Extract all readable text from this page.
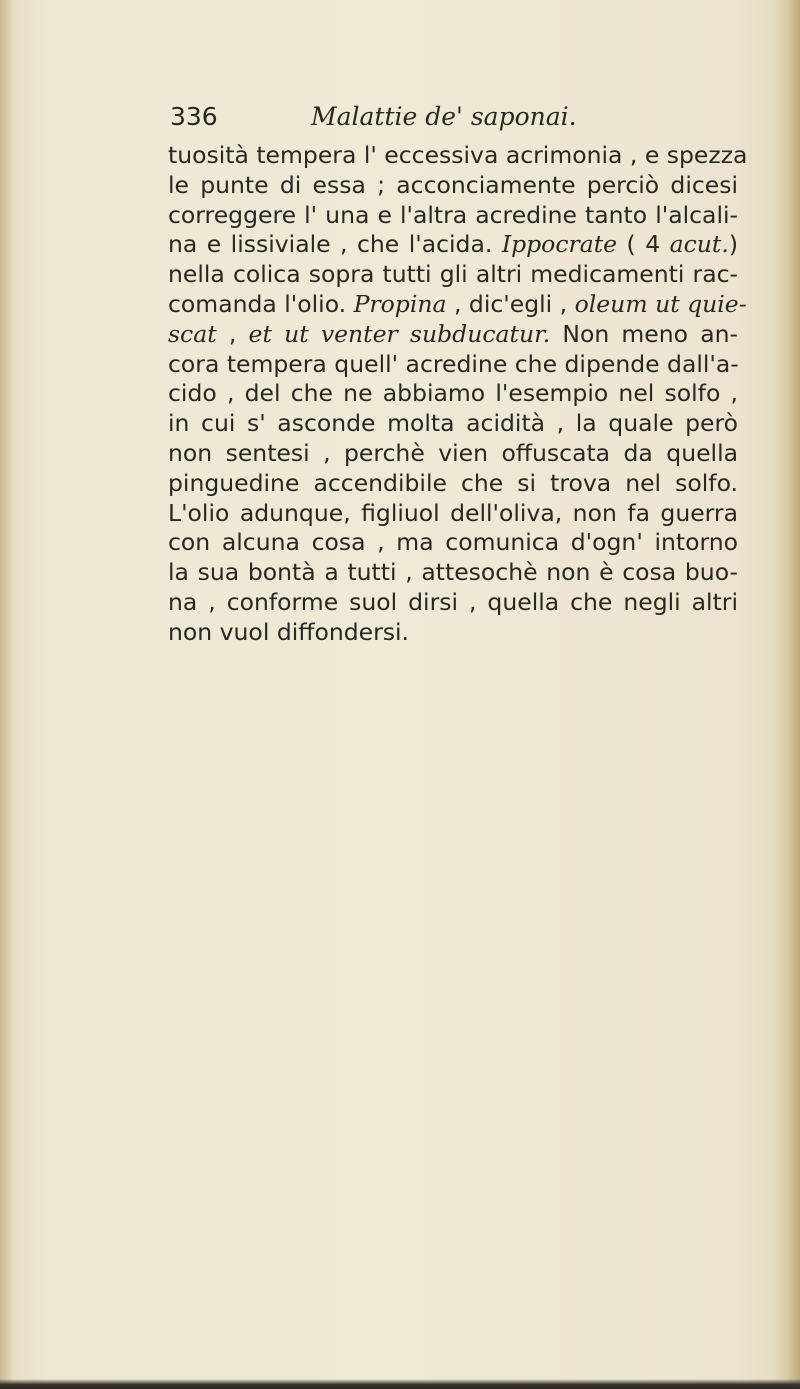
336	Malattie de' saponai.
tuosità tempera l' eccessiva acrimonia , e spezza
le punte di essa ; acconciamente perciò dicesi
correggere l' una e l'altra acredine tanto l'alcali-
na e lissiviale , che l'acida. Ippocrate ( 4 acut.)
nella colica sopra tutti gli altri medicamenti rac-
comanda l'olio. Propina , dic'egli , oleum ut quie-
scat , et ut venter subducatur. Non meno an-
cora tempera quell' acredine che dipende dall'a-
cido , del che ne abbiamo l'esempio nel solfo ,
in cui s' asconde molta acidità , la quale però
non sentesi , perchè vien offuscata da quella
pinguedine accendibile che si trova nel solfo.
L'olio adunque, figliuol dell'oliva, non fa guerra
con alcuna cosa , ma comunica d'ogn' intorno
la sua bontà a tutti , attesochè non è cosa buo-
na , conforme suol dirsi , quella che negli altri
non vuol diffondersi.
